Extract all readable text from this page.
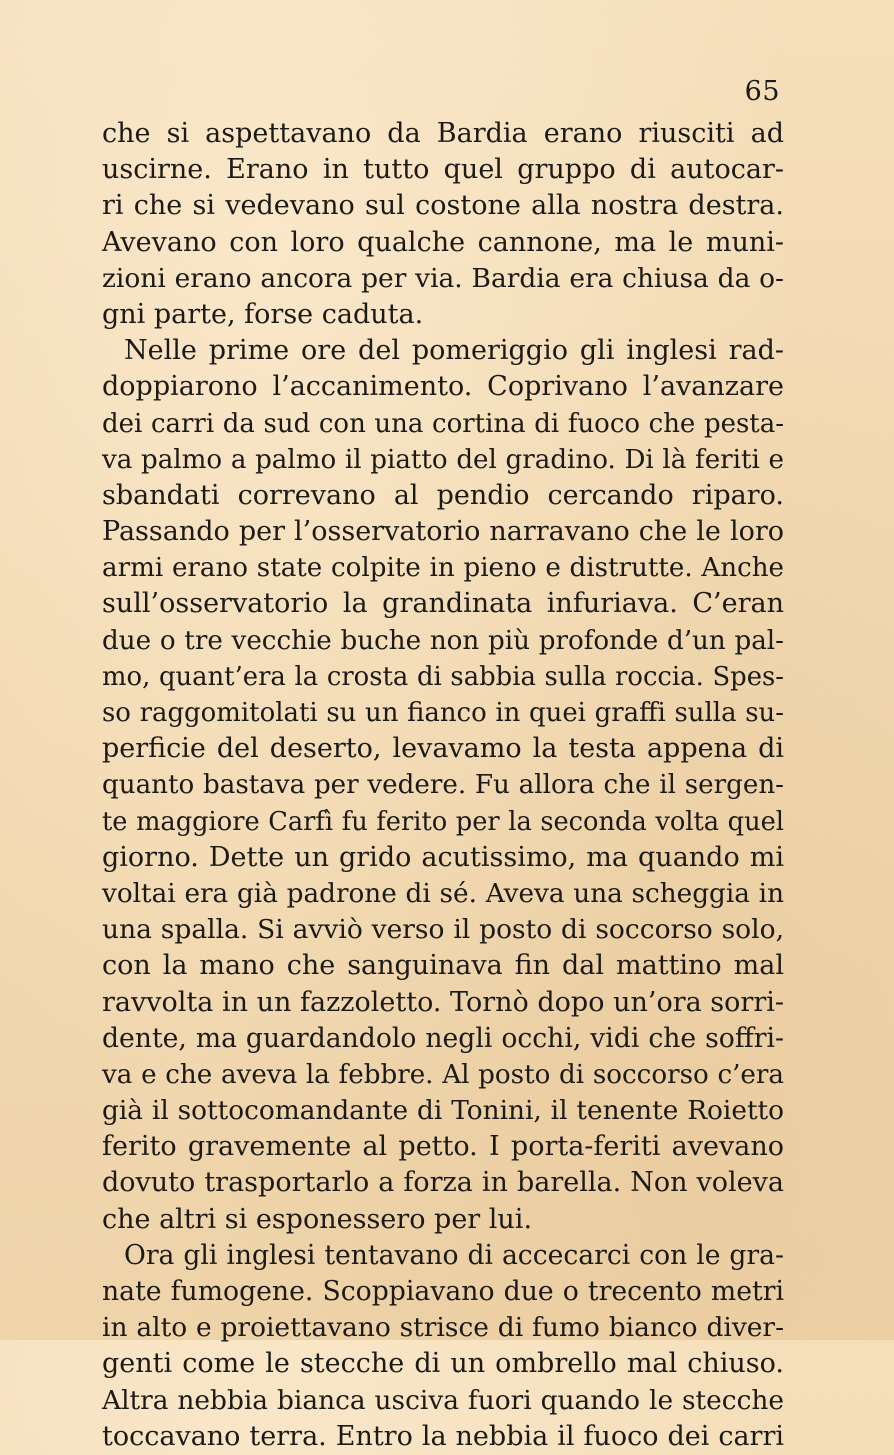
65
che si aspettavano da Bardia erano riusciti ad
uscirne. Erano in tutto quel gruppo di autocar-
ri che si vedevano sul costone alla nostra destra.
Avevano con loro qualche cannone, ma le muni-
zioni erano ancora per via. Bardia era chiusa da o-
gni parte, forse caduta.
Nelle prime ore del pomeriggio gli inglesi rad-
doppiarono l’accanimento. Coprivano l’avanzare
dei carri da sud con una cortina di fuoco che pesta-
va palmo a palmo il piatto del gradino. Di là feriti e
sbandati correvano al pendio cercando riparo.
Passando per l’osservatorio narravano che le loro
armi erano state colpite in pieno e distrutte. Anche
sull’osservatorio la grandinata infuriava. C’eran
due o tre vecchie buche non più profonde d’un pal-
mo, quant’era la crosta di sabbia sulla roccia. Spes-
so raggomitolati su un fianco in quei graffi sulla su-
perficie del deserto, levavamo la testa appena di
quanto bastava per vedere. Fu allora che il sergen-
te maggiore Carfì fu ferito per la seconda volta quel
giorno. Dette un grido acutissimo, ma quando mi
voltai era già padrone di sé. Aveva una scheggia in
una spalla. Si avviò verso il posto di soccorso solo,
con la mano che sanguinava fin dal mattino mal
ravvolta in un fazzoletto. Tornò dopo un’ora sorri-
dente, ma guardandolo negli occhi, vidi che soffri-
va e che aveva la febbre. Al posto di soccorso c’era
già il sottocomandante di Tonini, il tenente Roietto
ferito gravemente al petto. I porta-feriti avevano
dovuto trasportarlo a forza in barella. Non voleva
che altri si esponessero per lui.
Ora gli inglesi tentavano di accecarci con le gra-
nate fumogene. Scoppiavano due o trecento metri
in alto e proiettavano strisce di fumo bianco diver-
genti come le stecche di un ombrello mal chiuso.
Altra nebbia bianca usciva fuori quando le stecche
toccavano terra. Entro la nebbia il fuoco dei carri
